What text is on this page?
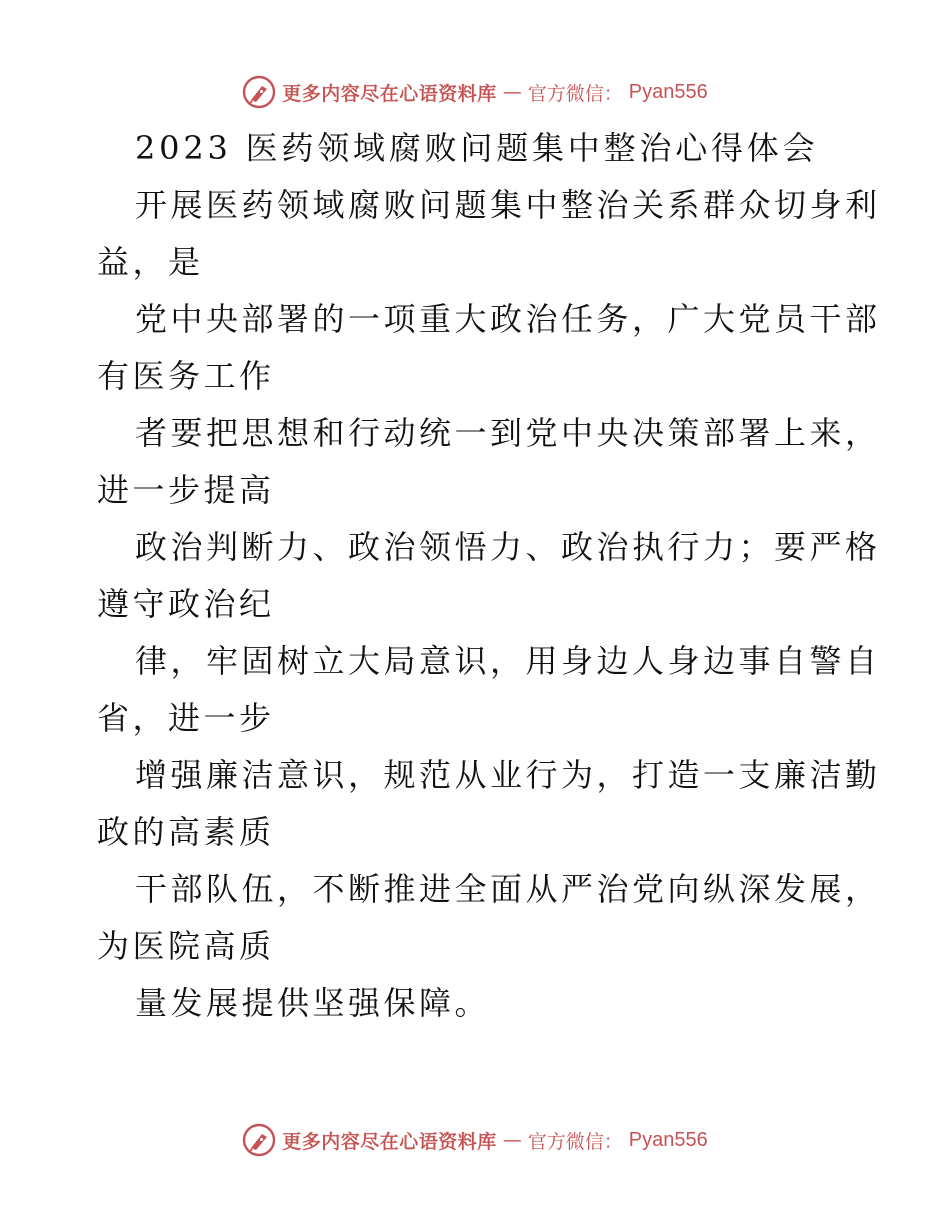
更多内容尽在心语资料库 — 官方微信： Pyan556
2023 医药领域腐败问题集中整治心得体会
开展医药领域腐败问题集中整治关系群众切身利
益，是
党中央部署的一项重大政治任务，广大党员干部
有医务工作
者要把思想和行动统一到党中央决策部署上来，
进一步提高
政治判断力、政治领悟力、政治执行力；要严格
遵守政治纪
律，牢固树立大局意识，用身边人身边事自警自
省，进一步
增强廉洁意识，规范从业行为，打造一支廉洁勤
政的高素质
干部队伍，不断推进全面从严治党向纵深发展，
为医院高质
量发展提供坚强保障。
更多内容尽在心语资料库 — 官方微信： Pyan556
